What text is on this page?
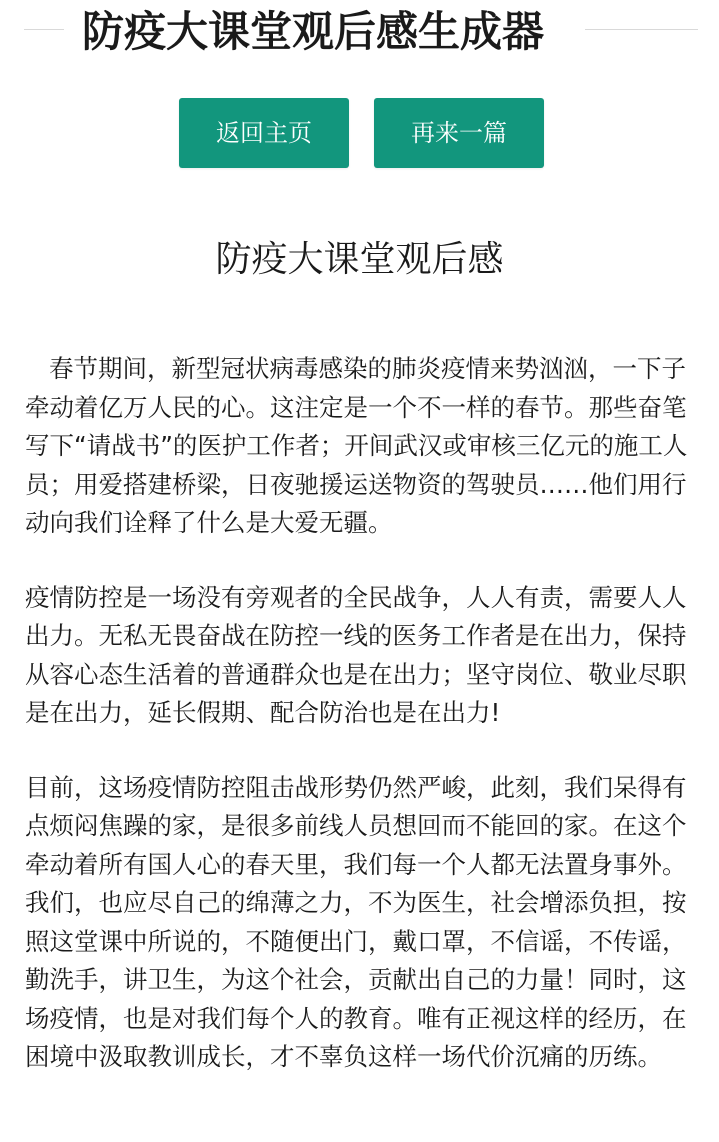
防疫大课堂观后感生成器
返回主页	再来一篇
防疫大课堂观后感

春节期间，新型冠状病毒感染的肺炎疫情来势汹汹，一下子牵动着亿万人民的心。这注定是一个不一样的春节。那些奋笔写下“请战书”的医护工作者；开间武汉或审核三亿元的施工人员；用爱搭建桥梁，日夜驰援运送物资的驾驶员……他们用行动向我们诠释了什么是大爱无疆。

疫情防控是一场没有旁观者的全民战争，人人有责，需要人人出力。无私无畏奋战在防控一线的医务工作者是在出力，保持从容心态生活着的普通群众也是在出力；坚守岗位、敬业尽职是在出力，延长假期、配合防治也是在出力!

目前，这场疫情防控阻击战形势仍然严峻，此刻，我们呆得有点烦闷焦躁的家，是很多前线人员想回而不能回的家。在这个牵动着所有国人心的春天里，我们每一个人都无法置身事外。我们，也应尽自己的绵薄之力，不为医生，社会增添负担，按照这堂课中所说的，不随便出门，戴口罩，不信谣，不传谣，勤洗手，讲卫生，为这个社会，贡献出自己的力量！同时，这场疫情，也是对我们每个人的教育。唯有正视这样的经历，在困境中汲取教训成长，才不辜负这样一场代价沉痛的历练。
